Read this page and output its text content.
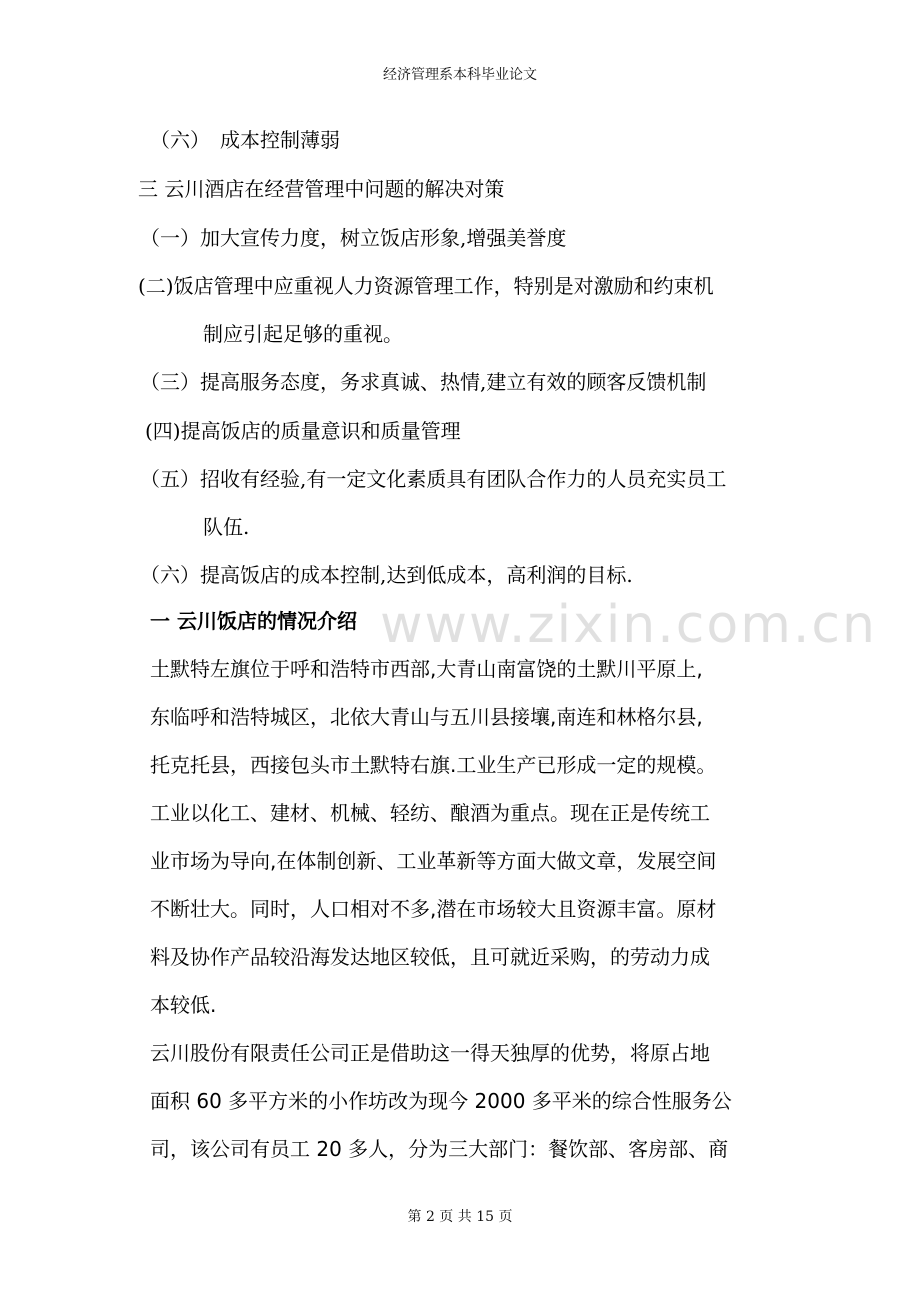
经济管理系本科毕业论文
（六）　成本控制薄弱
三 云川酒店在经营管理中问题的解决对策
（一）加大宣传力度，树立饭店形象,增强美誉度
(二)饭店管理中应重视人力资源管理工作，特别是对激励和约束机
制应引起足够的重视。
（三）提高服务态度，务求真诚、热情,建立有效的顾客反馈机制
(四)提高饭店的质量意识和质量管理
（五）招收有经验,有一定文化素质具有团队合作力的人员充实员工
队伍.
（六）提高饭店的成本控制,达到低成本，高利润的目标.
一 云川饭店的情况介绍
土默特左旗位于呼和浩特市西部,大青山南富饶的土默川平原上,
东临呼和浩特城区，北依大青山与五川县接壤,南连和林格尔县,
托克托县，西接包头市土默特右旗.工业生产已形成一定的规模。
工业以化工、建材、机械、轻纺、酿酒为重点。现在正是传统工
业市场为导向,在体制创新、工业革新等方面大做文章，发展空间
不断壮大。同时，人口相对不多,潜在市场较大且资源丰富。原材
料及协作产品较沿海发达地区较低，且可就近采购，的劳动力成
本较低.
云川股份有限责任公司正是借助这一得天独厚的优势，将原占地
面积 60 多平方米的小作坊改为现今 2000 多平米的综合性服务公
司，该公司有员工 20 多人，分为三大部门：餐饮部、客房部、商
www.zixin.com.cn
第 2 页 共 15 页
